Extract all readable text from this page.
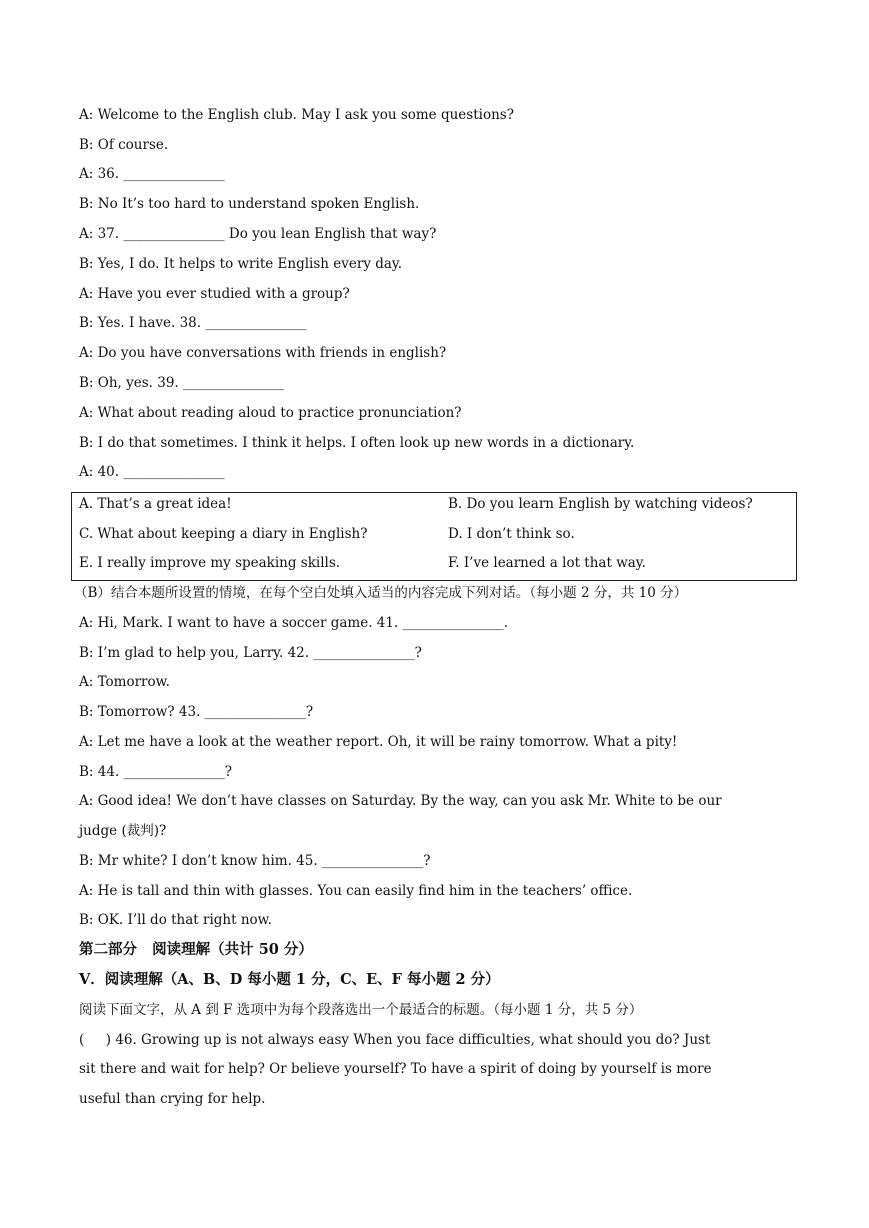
A: Welcome to the English club. May I ask you some questions?
B: Of course.
A: 36. _______________
B: No It’s too hard to understand spoken English.
A: 37. _______________ Do you lean English that way?
B: Yes, I do. It helps to write English every day.
A: Have you ever studied with a group?
B: Yes. I have. 38. _______________
A: Do you have conversations with friends in english?
B: Oh, yes. 39. _______________
A: What about reading aloud to practice pronunciation?
B: I do that sometimes. I think it helps. I often look up new words in a dictionary.
A: 40. _______________
A. That’s a great idea!	B. Do you learn English by watching videos?
C. What about keeping a diary in English?	D. I don’t think so.
E. I really improve my speaking skills.	F. I’ve learned a lot that way.
（B）结合本题所设置的情境，在每个空白处填入适当的内容完成下列对话。（每小题 2 分，共 10 分）
A: Hi, Mark. I want to have a soccer game. 41. _______________.
B: I’m glad to help you, Larry. 42. _______________?
A: Tomorrow.
B: Tomorrow? 43. _______________?
A: Let me have a look at the weather report. Oh, it will be rainy tomorrow. What a pity!
B: 44. _______________?
A: Good idea! We don’t have classes on Saturday. By the way, can you ask Mr. White to be our
judge (裁判)?
B: Mr white? I don’t know him. 45. _______________?
A: He is tall and thin with glasses. You can easily find him in the teachers’ office.
B: OK. I’ll do that right now.
第二部分   阅读理解（共计 50 分）
Ⅴ．阅读理解（A、B、D 每小题 1 分，C、E、F 每小题 2 分）
阅读下面文字，从 A 到 F 选项中为每个段落选出一个最适合的标题。（每小题 1 分，共 5 分）
(     ) 46. Growing up is not always easy When you face difficulties, what should you do? Just
sit there and wait for help? Or believe yourself? To have a spirit of doing by yourself is more
useful than crying for help.
